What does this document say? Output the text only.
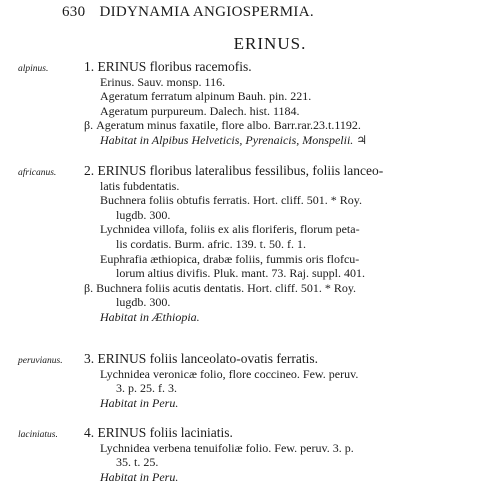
630 DIDYNAMIA ANGIOSPERMIA.
ERINUS.
alpinus.	1. ERINUS floribus racemofis.
Erinus. Sauv. monsp. 116.
Ageratum ferratum alpinum Bauh. pin. 221.
Ageratum purpureum. Dalech. hist. 1184.
β. Ageratum minus faxatile, flore albo. Barr.rar.23.t.1192.
Habitat in Alpibus Helveticis, Pyrenaicis, Monspelii. ♃
africanus. 2. ERINUS floribus lateralibus fessilibus, foliis lanceo-
latis fubdentatis.
Buchnera foliis obtufis ferratis. Hort. cliff. 501. * Roy.
lugdb. 300.
Lychnidea villofa, foliis ex alis floriferis, florum peta-
lis cordatis. Burm. afric. 139. t. 50. f. 1.
Euphrafia æthiopica, drabæ foliis, fummis oris flofcu-
lorum altius divifis. Pluk. mant. 73. Raj. suppl. 401.
β. Buchnera foliis acutis dentatis. Hort. cliff. 501. * Roy.
lugdb. 300.
Habitat in Æthiopia.
peruvianus. 3. ERINUS foliis lanceolato-ovatis ferratis.
Lychnidea veronicæ folio, flore coccineo. Few. peruv.
3. p. 25. f. 3.
Habitat in Peru.
laciniatus. 4. ERINUS foliis laciniatis.
Lychnidea verbena tenuifoliæ folio. Few. peruv. 3. p.
35. t. 25.
Habitat in Peru.
